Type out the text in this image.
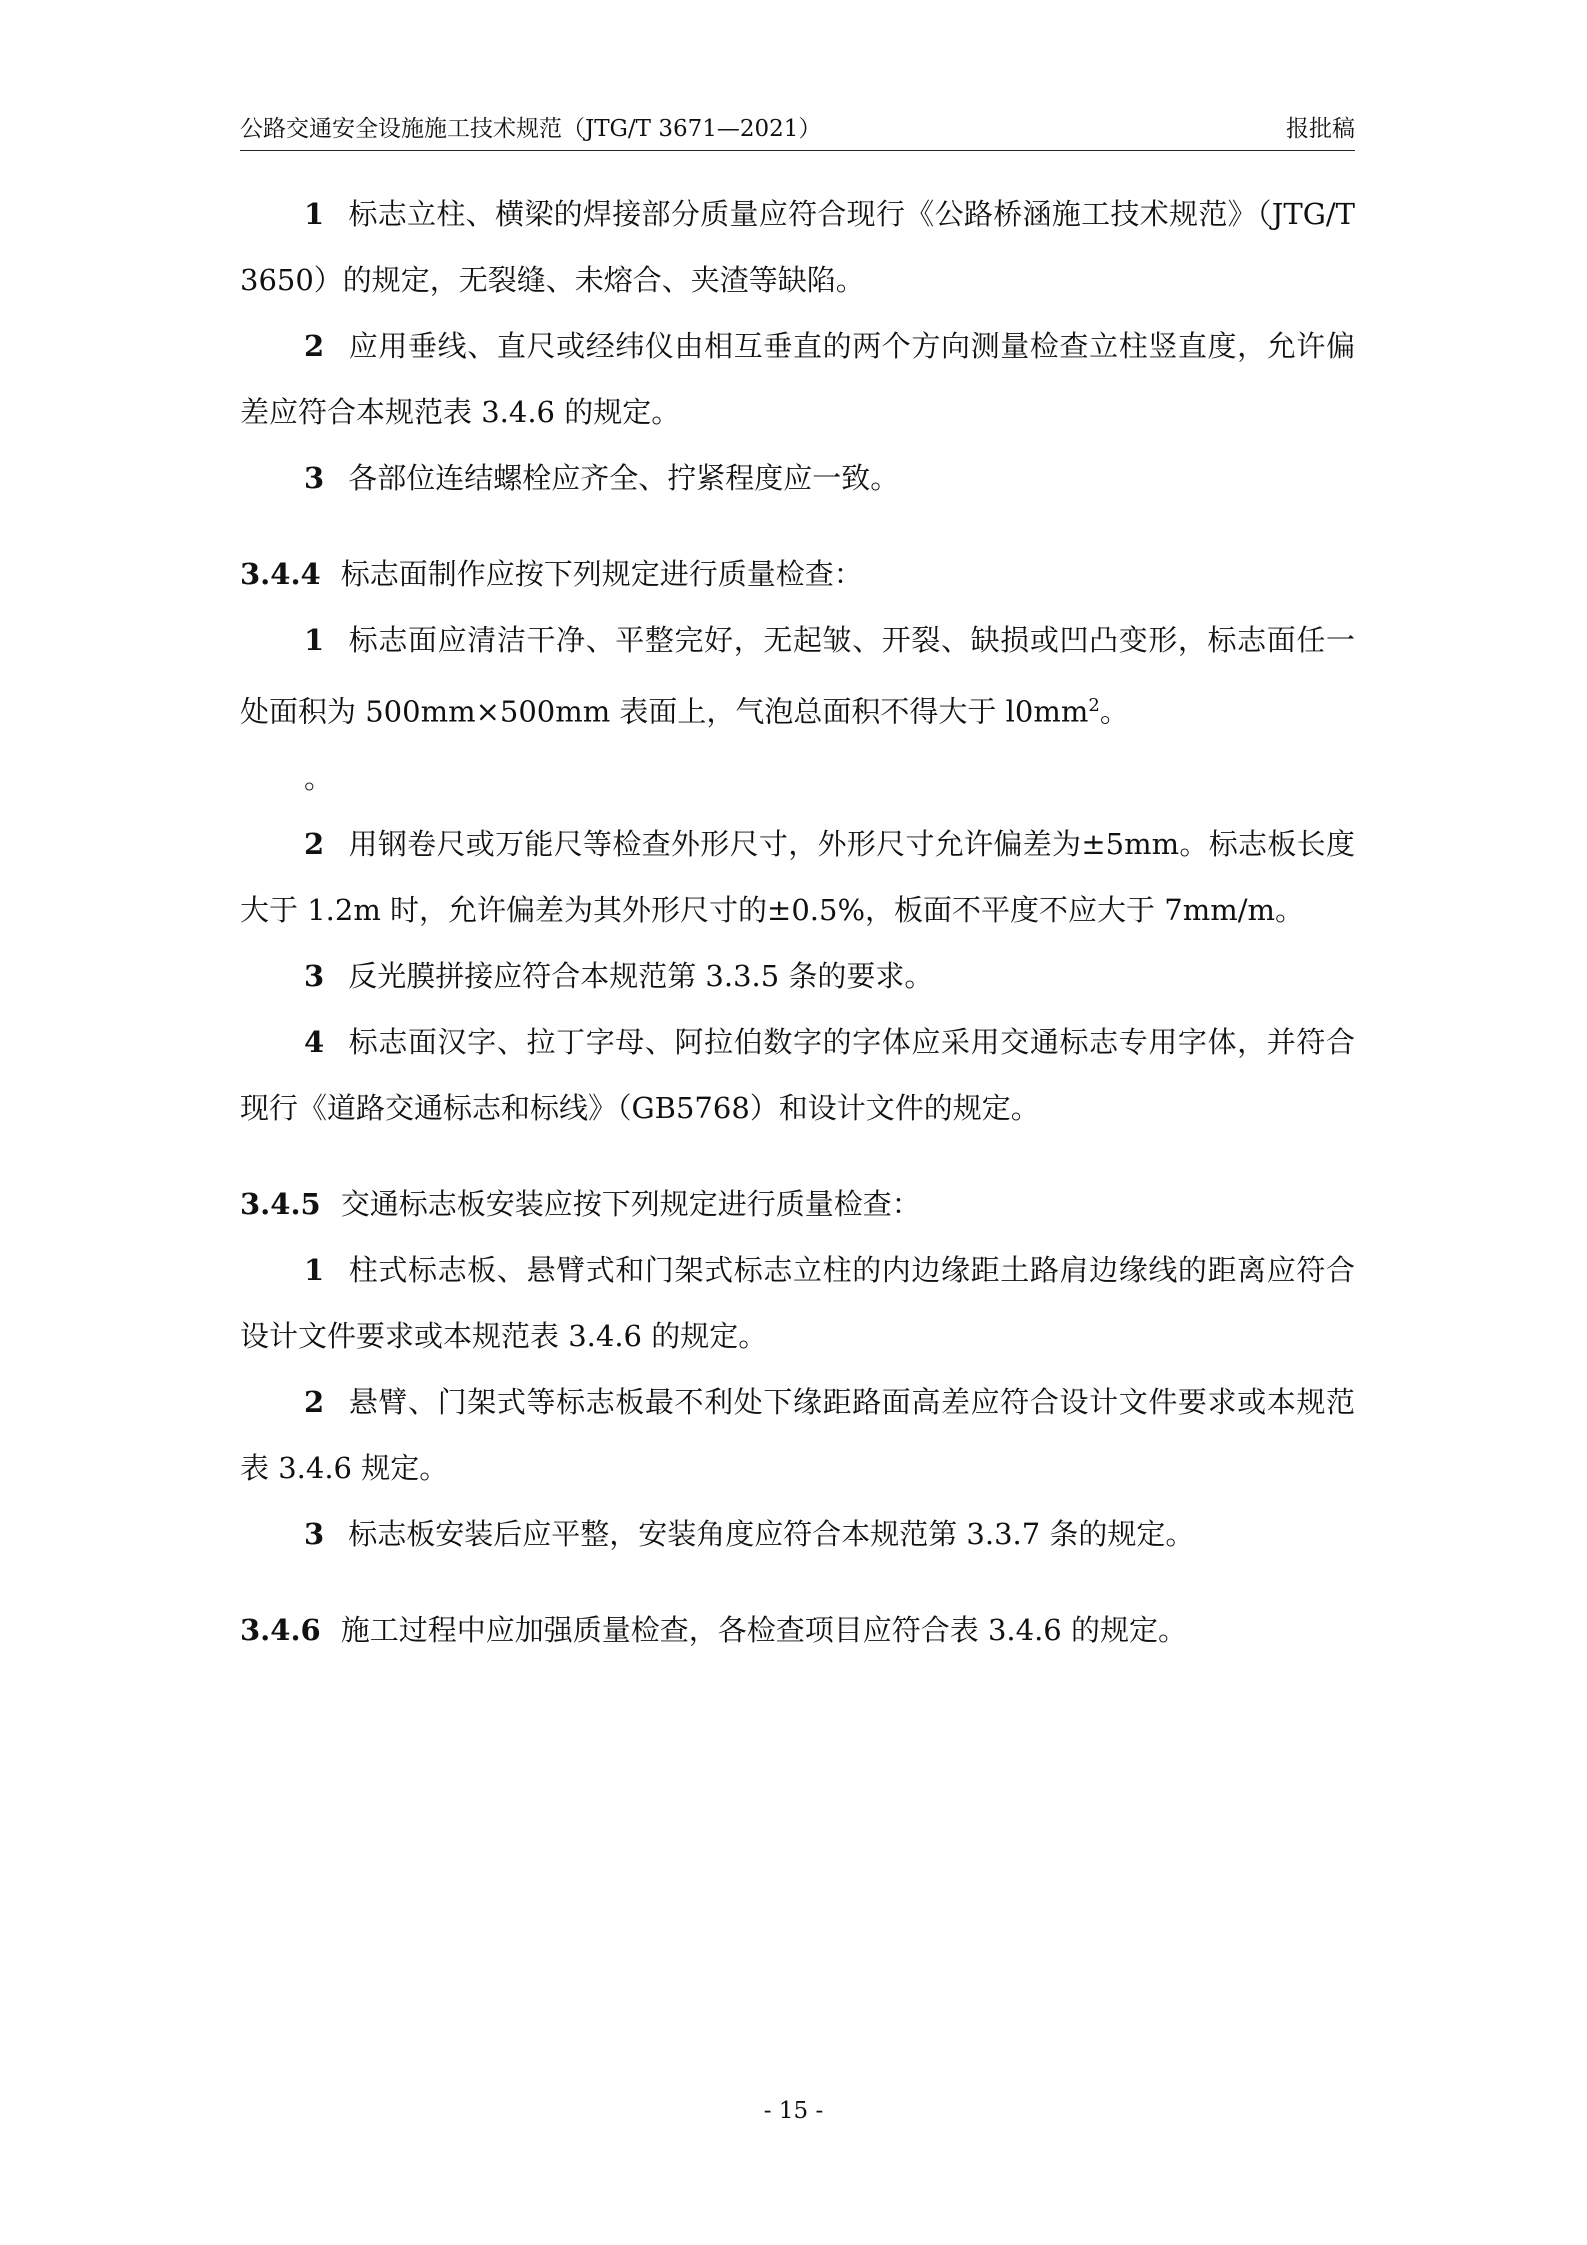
公路交通安全设施施工技术规范（JTG/T 3671—2021）	报批稿

1 标志立柱、横梁的焊接部分质量应符合现行《公路桥涵施工技术规范》（JTG/T 3650）的规定，无裂缝、未熔合、夹渣等缺陷。

2 应用垂线、直尺或经纬仪由相互垂直的两个方向测量检查立柱竖直度，允许偏差应符合本规范表 3.4.6 的规定。

3 各部位连结螺栓应齐全、拧紧程度应一致。

3.4.4 标志面制作应按下列规定进行质量检查：

1 标志面应清洁干净、平整完好，无起皱、开裂、缺损或凹凸变形，标志面任一处面积为 500mm×500mm 表面上，气泡总面积不得大于 $l0mm^2$。

。

2 用钢卷尺或万能尺等检查外形尺寸，外形尺寸允许偏差为±5mm。标志板长度大于 1.2m 时，允许偏差为其外形尺寸的±0.5%，板面不平度不应大于 7mm/m。

3 反光膜拼接应符合本规范第 3.3.5 条的要求。

4 标志面汉字、拉丁字母、阿拉伯数字的字体应采用交通标志专用字体，并符合现行《道路交通标志和标线》（GB5768）和设计文件的规定。

3.4.5 交通标志板安装应按下列规定进行质量检查：

1 柱式标志板、悬臂式和门架式标志立柱的内边缘距土路肩边缘线的距离应符合设计文件要求或本规范表 3.4.6 的规定。

2 悬臂、门架式等标志板最不利处下缘距路面高差应符合设计文件要求或本规范表 3.4.6 规定。

3 标志板安装后应平整，安装角度应符合本规范第 3.3.7 条的规定。

3.4.6 施工过程中应加强质量检查，各检查项目应符合表 3.4.6 的规定。

- 15 -
